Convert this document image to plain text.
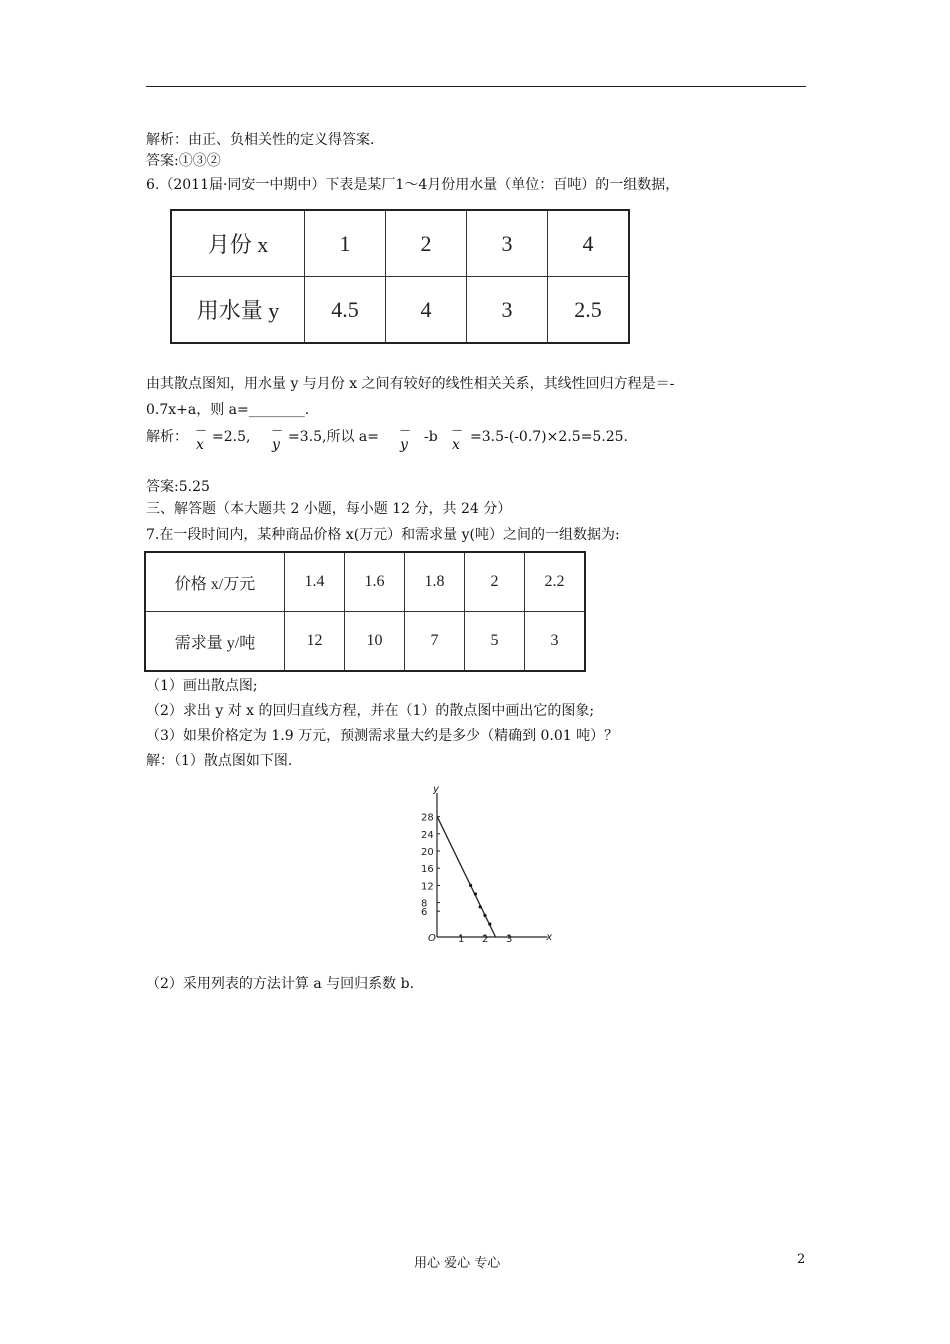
解析：由正、负相关性的定义得答案.
答案:①③②
6.（2011届·同安一中期中）下表是某厂1～4月份用水量（单位：百吨）的一组数据，
月份 x	1	2	3	4
用水量 y	4.5	4	3	2.5
由其散点图知，用水量 y 与月份 x 之间有较好的线性相关关系，其线性回归方程是＝-
0.7x+a，则 a=________.
解析： —
x =2.5, —
y =3.5,所以 a= —
y -b —
x =3.5-(-0.7)×2.5=5.25.
答案:5.25
三、解答题（本大题共 2 小题，每小题 12 分，共 24 分）
7.在一段时间内，某种商品价格 x(万元）和需求量 y(吨）之间的一组数据为:
价格 x/万元	1.4	1.6	1.8	2	2.2
需求量 y/吨	12	10	7	5	3
（1）画出散点图;
（2）求出 y 对 x 的回归直线方程，并在（1）的散点图中画出它的图象;
（3）如果价格定为 1.9 万元，预测需求量大约是多少（精确到 0.01 吨）？
解：（1）散点图如下图.
O	x
y
1 2 3
6
8
12
16
20
24
28
（2）采用列表的方法计算 a 与回归系数 b.
用心 爱心 专心	2
